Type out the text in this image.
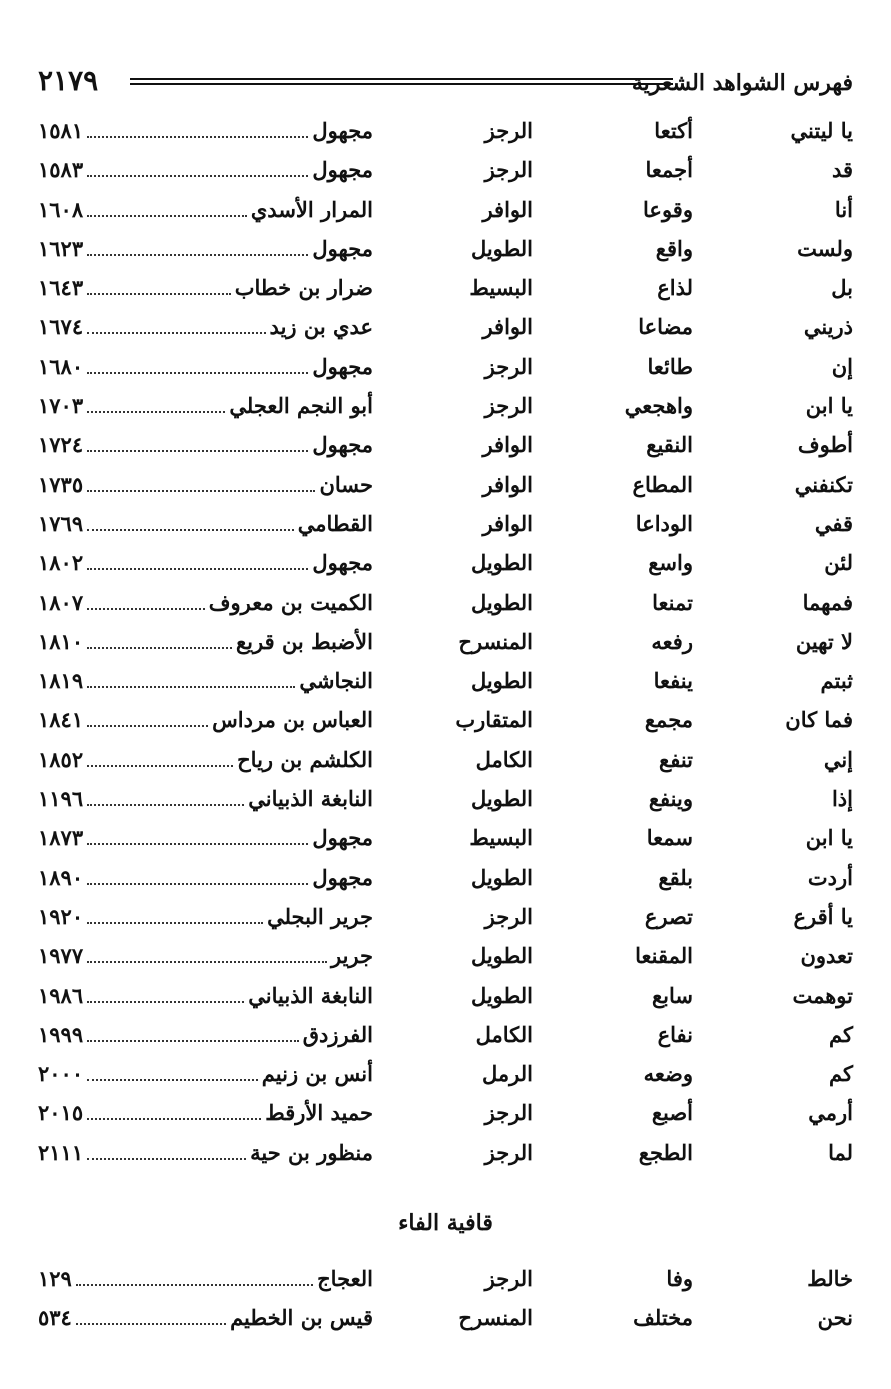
فهرس الشواهد الشعرية
٢١٧٩
يا ليتني
أكتعا
الرجز
مجهول
١٥٨١
قد
أجمعا
الرجز
مجهول
١٥٨٣
أنا
وقوعا
الوافر
المرار الأسدي
١٦٠٨
ولست
واقع
الطويل
مجهول
١٦٢٣
بل
لذاع
البسيط
ضرار بن خطاب
١٦٤٣
ذريني
مضاعا
الوافر
عدي بن زيد
١٦٧٤
إن
طائعا
الرجز
مجهول
١٦٨٠
يا ابن
واهجعي
الرجز
أبو النجم العجلي
١٧٠٣
أطوف
النقيع
الوافر
مجهول
١٧٢٤
تكنفني
المطاع
الوافر
حسان
١٧٣٥
قفي
الوداعا
الوافر
القطامي
١٧٦٩
لئن
واسع
الطويل
مجهول
١٨٠٢
فمهما
تمنعا
الطويل
الكميت بن معروف
١٨٠٧
لا تهين
رفعه
المنسرح
الأضبط بن قريع
١٨١٠
ثبتم
ينفعا
الطويل
النجاشي
١٨١٩
فما كان
مجمع
المتقارب
العباس بن مرداس
١٨٤١
إني
تنفع
الكامل
الكلشم بن رياح
١٨٥٢
إذا
وينفع
الطويل
النابغة الذبياني
١١٩٦
يا ابن
سمعا
البسيط
مجهول
١٨٧٣
أردت
بلقع
الطويل
مجهول
١٨٩٠
يا أقرع
تصرع
الرجز
جرير البجلي
١٩٢٠
تعدون
المقنعا
الطويل
جرير
١٩٧٧
توهمت
سابع
الطويل
النابغة الذبياني
١٩٨٦
كم
نفاع
الكامل
الفرزدق
١٩٩٩
كم
وضعه
الرمل
أنس بن زنيم
٢٠٠٠
أرمي
أصبع
الرجز
حميد الأرقط
٢٠١٥
لما
الطجع
الرجز
منظور بن حية
٢١١١
قافية الفاء
خالط
وفا
الرجز
العجاج
١٢٩
نحن
مختلف
المنسرح
قيس بن الخطيم
٥٣٤
